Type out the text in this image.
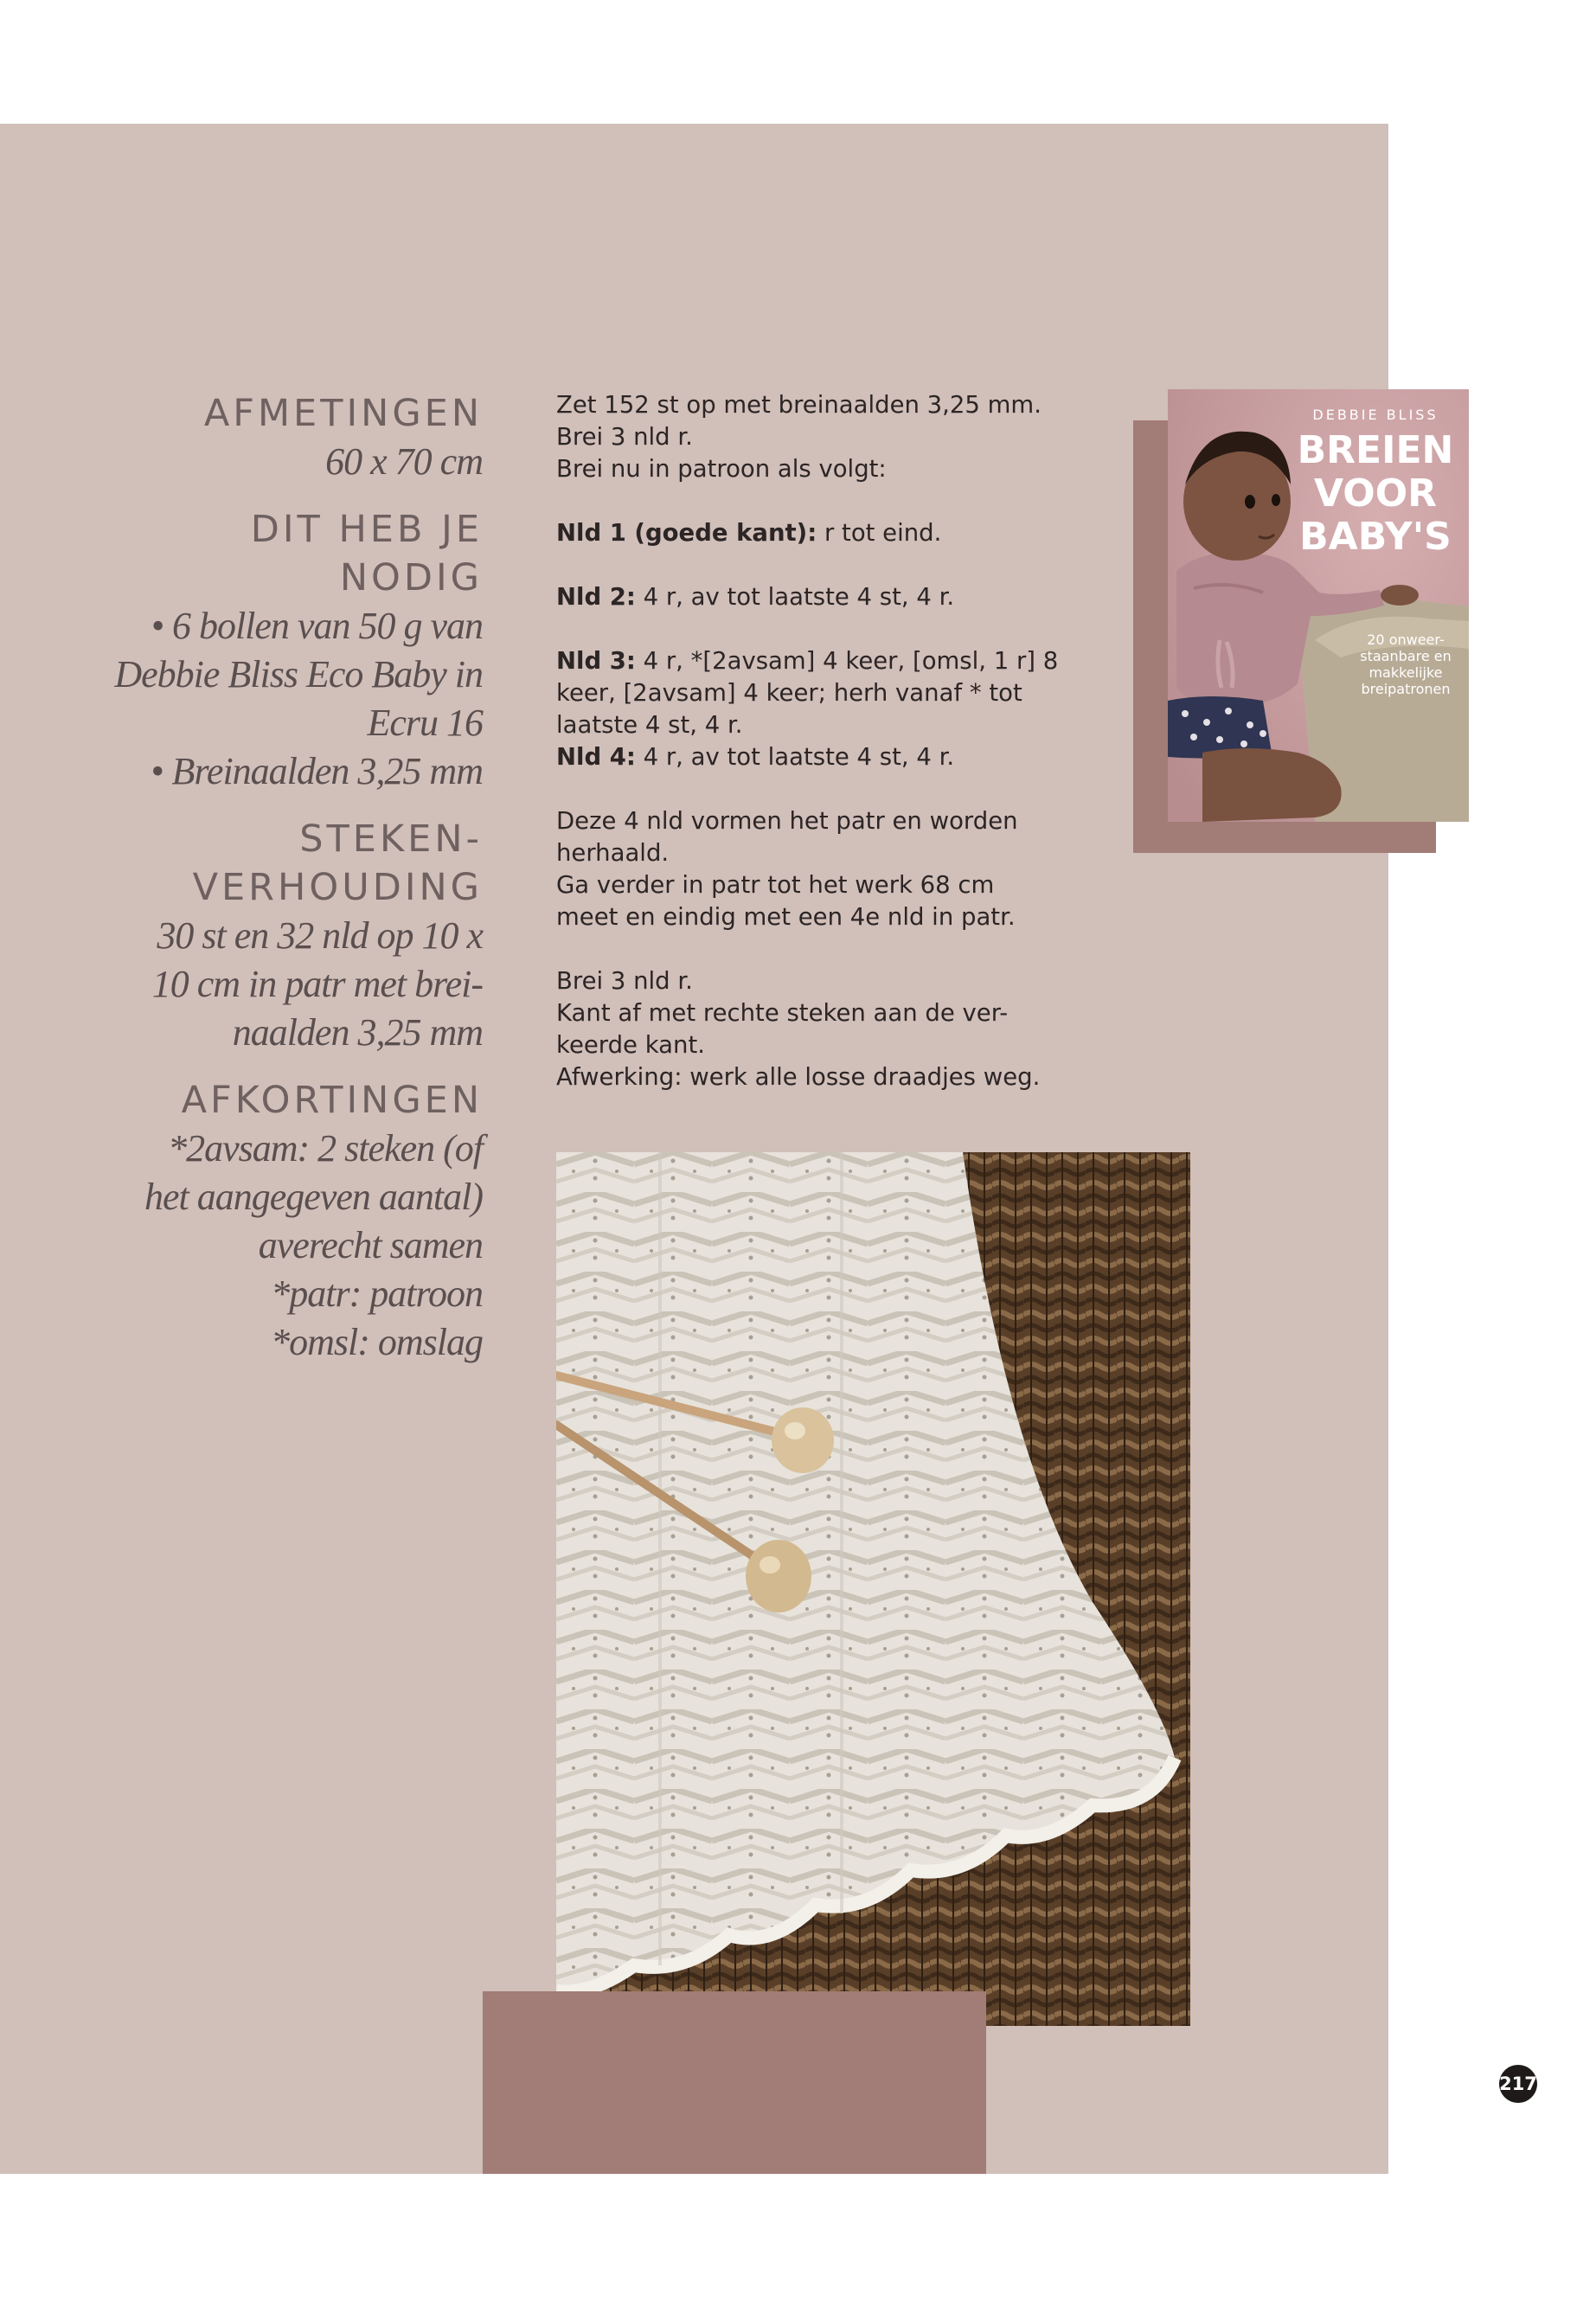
AFMETINGEN

60 x 70 cm

DIT HEB JE

NODIG

• 6 bollen van 50 g van

Debbie Bliss Eco Baby in

Ecru 16

• Breinaalden 3,25 mm

STEKEN-

VERHOUDING

30 st en 32 nld op 10 x

10 cm in patr met brei-

naalden 3,25 mm

AFKORTINGEN

*2avsam: 2 steken (of

het aangegeven aantal)

averecht samen

*patr: patroon

*omsl: omslag

Zet 152 st op met breinaalden 3,25 mm.

Brei 3 nld r.

Brei nu in patroon als volgt:

Nld 1 (goede kant): r tot eind.

Nld 2: 4 r, av tot laatste 4 st, 4 r.

Nld 3: 4 r, *[2avsam] 4 keer, [omsl, 1 r] 8

keer, [2avsam] 4 keer; herh vanaf * tot

laatste 4 st, 4 r.

Nld 4: 4 r, av tot laatste 4 st, 4 r.

Deze 4 nld vormen het patr en worden

herhaald.

Ga verder in patr tot het werk 68 cm

meet en eindig met een 4e nld in patr.

Brei 3 nld r.

Kant af met rechte steken aan de ver-

keerde kant.

Afwerking: werk alle losse draadjes weg.

DEBBIE BLISS
BREIEN
VOOR
BABY'S
20 onweer-
staanbare en
makkelijke
breipatronen
217
